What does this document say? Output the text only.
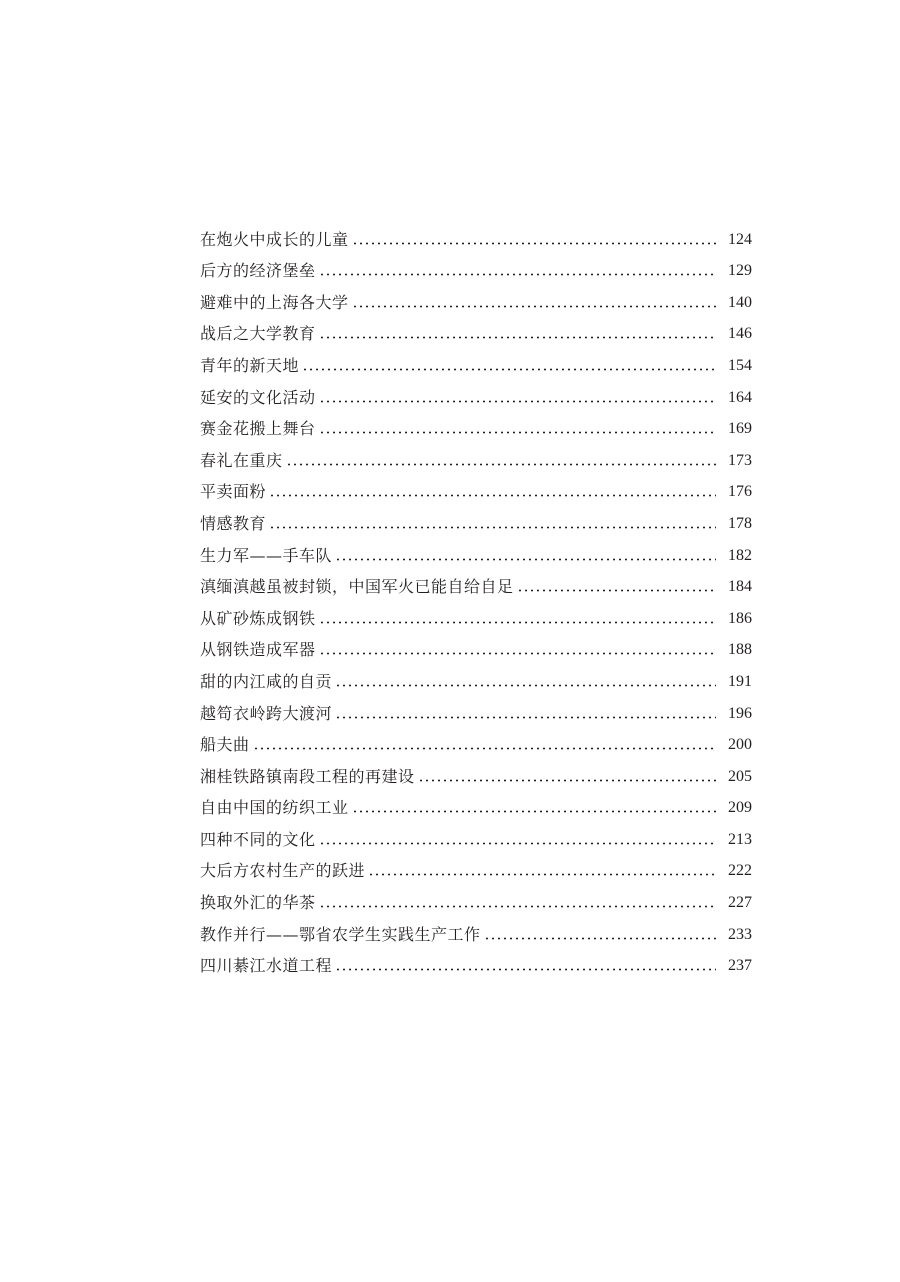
在炮火中成长的儿童	124
后方的经济堡垒	129
避难中的上海各大学	140
战后之大学教育	146
青年的新天地	154
延安的文化活动	164
赛金花搬上舞台	169
春礼在重庆	173
平卖面粉	176
情感教育	178
生力军——手车队	182
滇缅滇越虽被封锁，中国军火已能自给自足	184
从矿砂炼成钢铁	186
从钢铁造成军器	188
甜的内江咸的自贡	191
越笱衣岭跨大渡河	196
船夫曲	200
湘桂铁路镇南段工程的再建设	205
自由中国的纺织工业	209
四种不同的文化	213
大后方农村生产的跃进	222
换取外汇的华茶	227
教作并行——鄂省农学生实践生产工作	233
四川綦江水道工程	237
